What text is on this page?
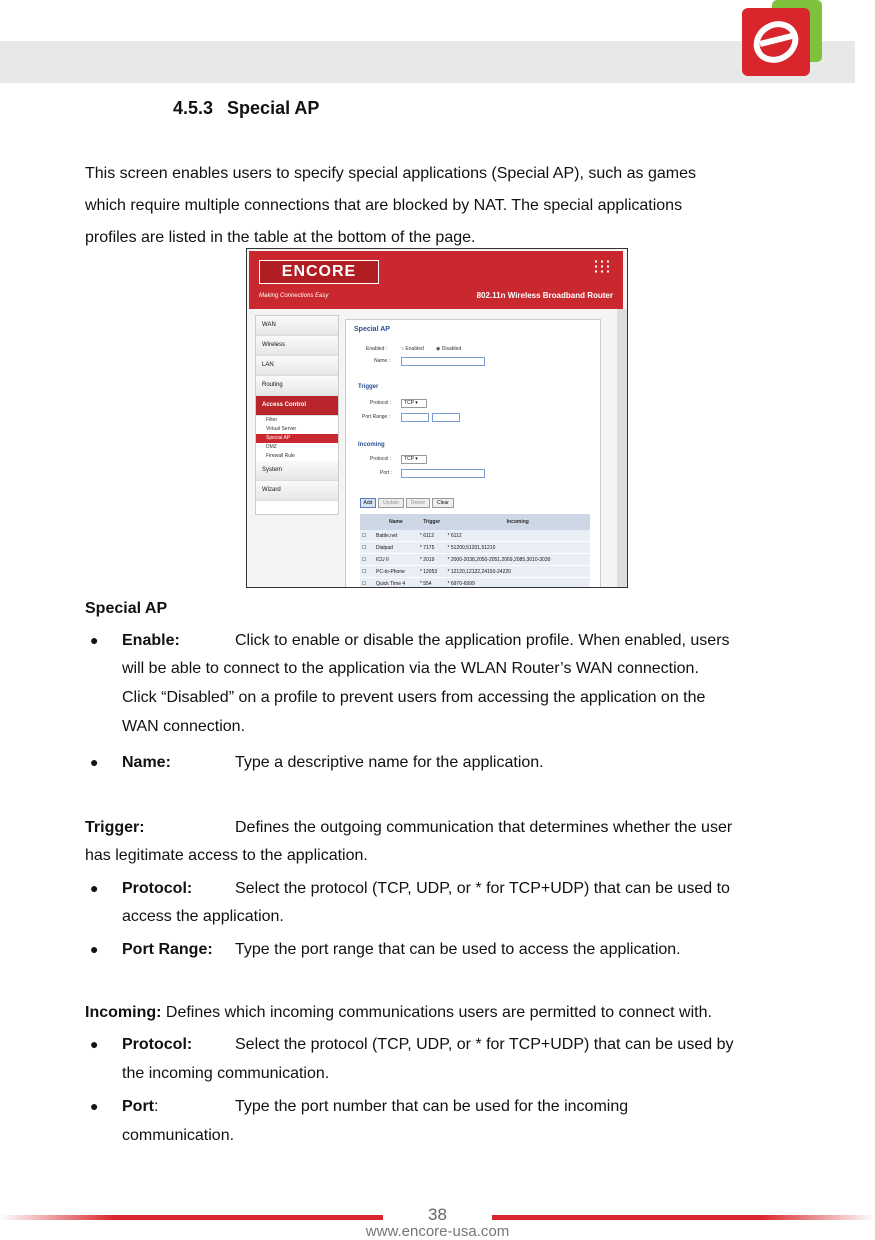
4.5.3 Special AP
This screen enables users to specify special applications (Special AP), such as games
which require multiple connections that are blocked by NAT. The special applications
profiles are listed in the table at the bottom of the page.
ENCORE
Making Connections Easy	802.11n Wireless Broadband Router
WAN
Wireless
LAN
Routing
Access Control
Filter
Virtual Server
Special AP
DMZ
Firewall Rule
System
Wizard
Special AP
Enabled :	○ Enabled ◉ Disabled
Name :
Trigger
Protocol :	TCP ▾
Port Range :
Incoming
Protocol :	TCP ▾
Port :
Add	Update	Delete	Clear
	Name	Trigger	Incoming
☐	Battle.net	* 6112	* 6112
☐	Dialpad	* 7175	* 51200,51201,51210
☐	ICU II	* 2019	* 2000-2038,2050-2051,2069,2085,3010-3030
☐	PC-to-Phone	* 12053	* 12120,12122,24150-24220
☐	Quick Time 4	* 554	* 6970-6999
Special AP
● Enable:	Click to enable or disable the application profile. When enabled, users
will be able to connect to the application via the WLAN Router’s WAN connection.
Click “Disabled” on a profile to prevent users from accessing the application on the
WAN connection.
● Name:	Type a descriptive name for the application.
Trigger:	Defines the outgoing communication that determines whether the user
has legitimate access to the application.
● Protocol:	Select the protocol (TCP, UDP, or * for TCP+UDP) that can be used to
access the application.
● Port Range: Type the port range that can be used to access the application.
Incoming: Defines which incoming communications users are permitted to connect with.
● Protocol:	Select the protocol (TCP, UDP, or * for TCP+UDP) that can be used by
the incoming communication.
● Port:	Type the port number that can be used for the incoming
communication.
38
www.encore-usa.com
